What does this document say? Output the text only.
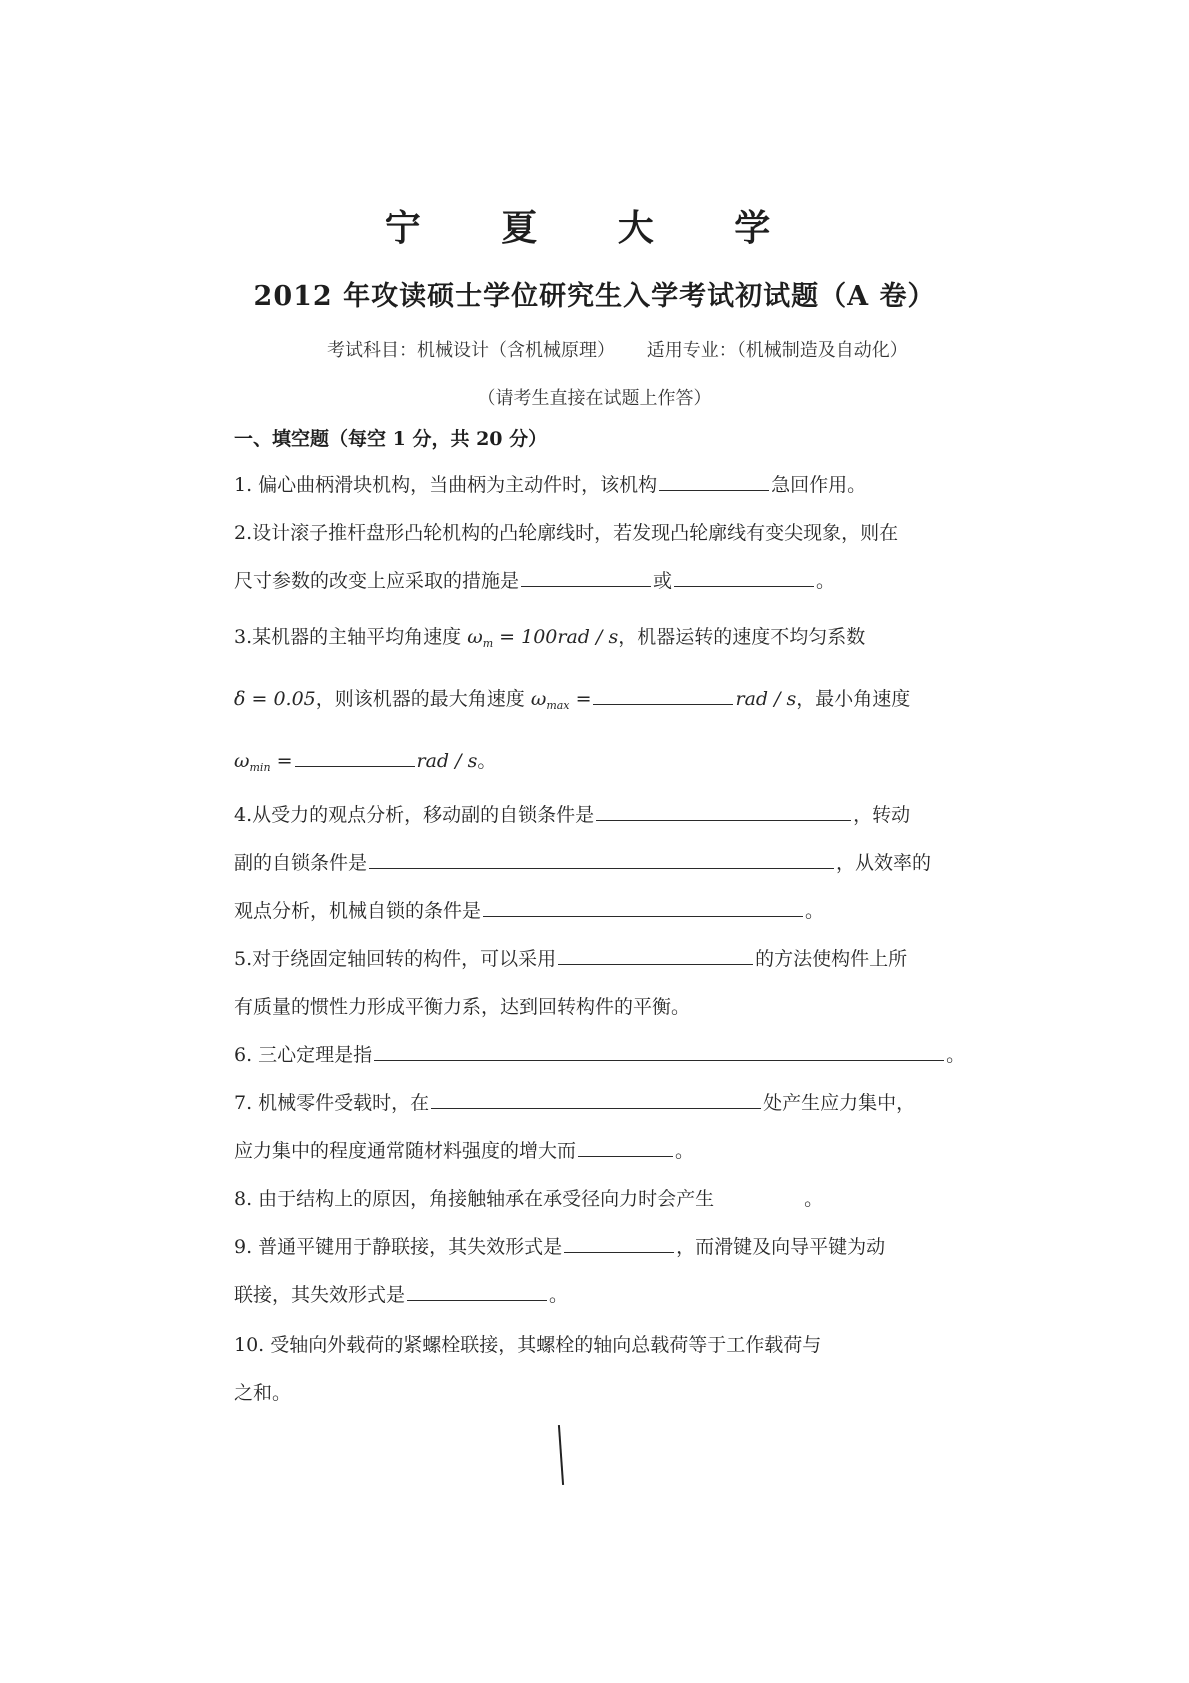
宁 夏 大 学
2012 年攻读硕士学位研究生入学考试初试题（A 卷）
考试科目：机械设计（含机械原理） 适用专业：（机械制造及自动化）
（请考生直接在试题上作答）
一、填空题（每空 1 分，共 20 分）
1. 偏心曲柄滑块机构，当曲柄为主动件时，该机构	急回作用。
2.设计滚子推杆盘形凸轮机构的凸轮廓线时，若发现凸轮廓线有变尖现象，则在
尺寸参数的改变上应采取的措施是	或	。
3.某机器的主轴平均角速度 $\omega_m = 100rad / s$，机器运转的速度不均匀系数
δ = 0.05，则该机器的最大角速度 $\omega_{max}$ =	rad / s，最小角速度
$\omega_{min}$ =	rad / s。
4.从受力的观点分析，移动副的自锁条件是	，转动
副的自锁条件是	，从效率的
观点分析，机械自锁的条件是	。
5.对于绕固定轴回转的构件，可以采用	的方法使构件上所
有质量的惯性力形成平衡力系，达到回转构件的平衡。
6. 三心定理是指	。
7. 机械零件受载时，在	处产生应力集中，
应力集中的程度通常随材料强度的增大而	。
8. 由于结构上的原因，角接触轴承在承受径向力时会产生	。
9. 普通平键用于静联接，其失效形式是	，而滑键及向导平键为动
联接，其失效形式是	。
10. 受轴向外载荷的紧螺栓联接，其螺栓的轴向总载荷等于工作载荷与
之和。
